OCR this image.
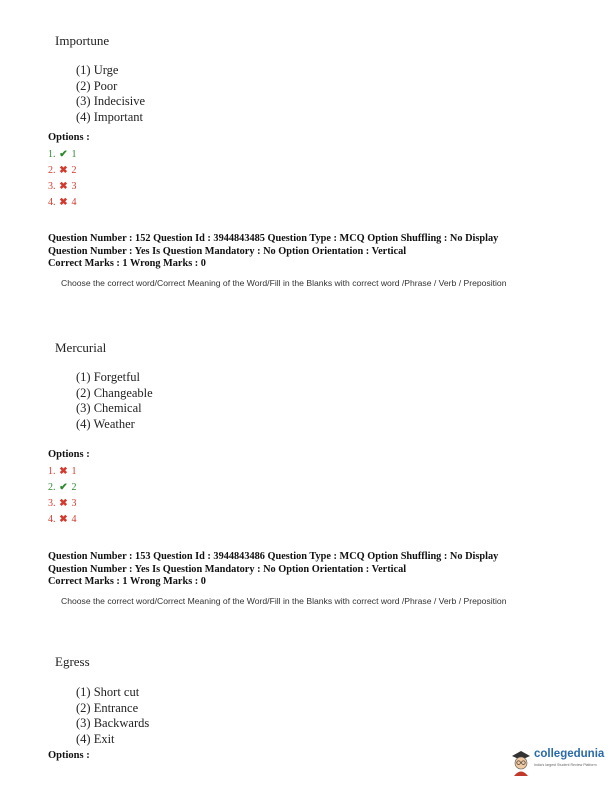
Importune
(1) Urge
(2) Poor
(3) Indecisive
(4) Important
Options :
1. ✔ 1
2. ✖ 2
3. ✖ 3
4. ✖ 4
Question Number : 152 Question Id : 3944843485 Question Type : MCQ Option Shuffling : No Display
Question Number : Yes Is Question Mandatory : No Option Orientation : Vertical
Correct Marks : 1 Wrong Marks : 0
Choose the correct word/Correct Meaning of the Word/Fill in the Blanks with correct word /Phrase / Verb / Preposition
Mercurial
(1) Forgetful
(2) Changeable
(3) Chemical
(4) Weather
Options :
1. ✖ 1
2. ✔ 2
3. ✖ 3
4. ✖ 4
Question Number : 153 Question Id : 3944843486 Question Type : MCQ Option Shuffling : No Display
Question Number : Yes Is Question Mandatory : No Option Orientation : Vertical
Correct Marks : 1 Wrong Marks : 0
Choose the correct word/Correct Meaning of the Word/Fill in the Blanks with correct word /Phrase / Verb / Preposition
Egress
(1) Short cut
(2) Entrance
(3) Backwards
(4) Exit
Options :	collegedunia
India's largest Student Review Platform
